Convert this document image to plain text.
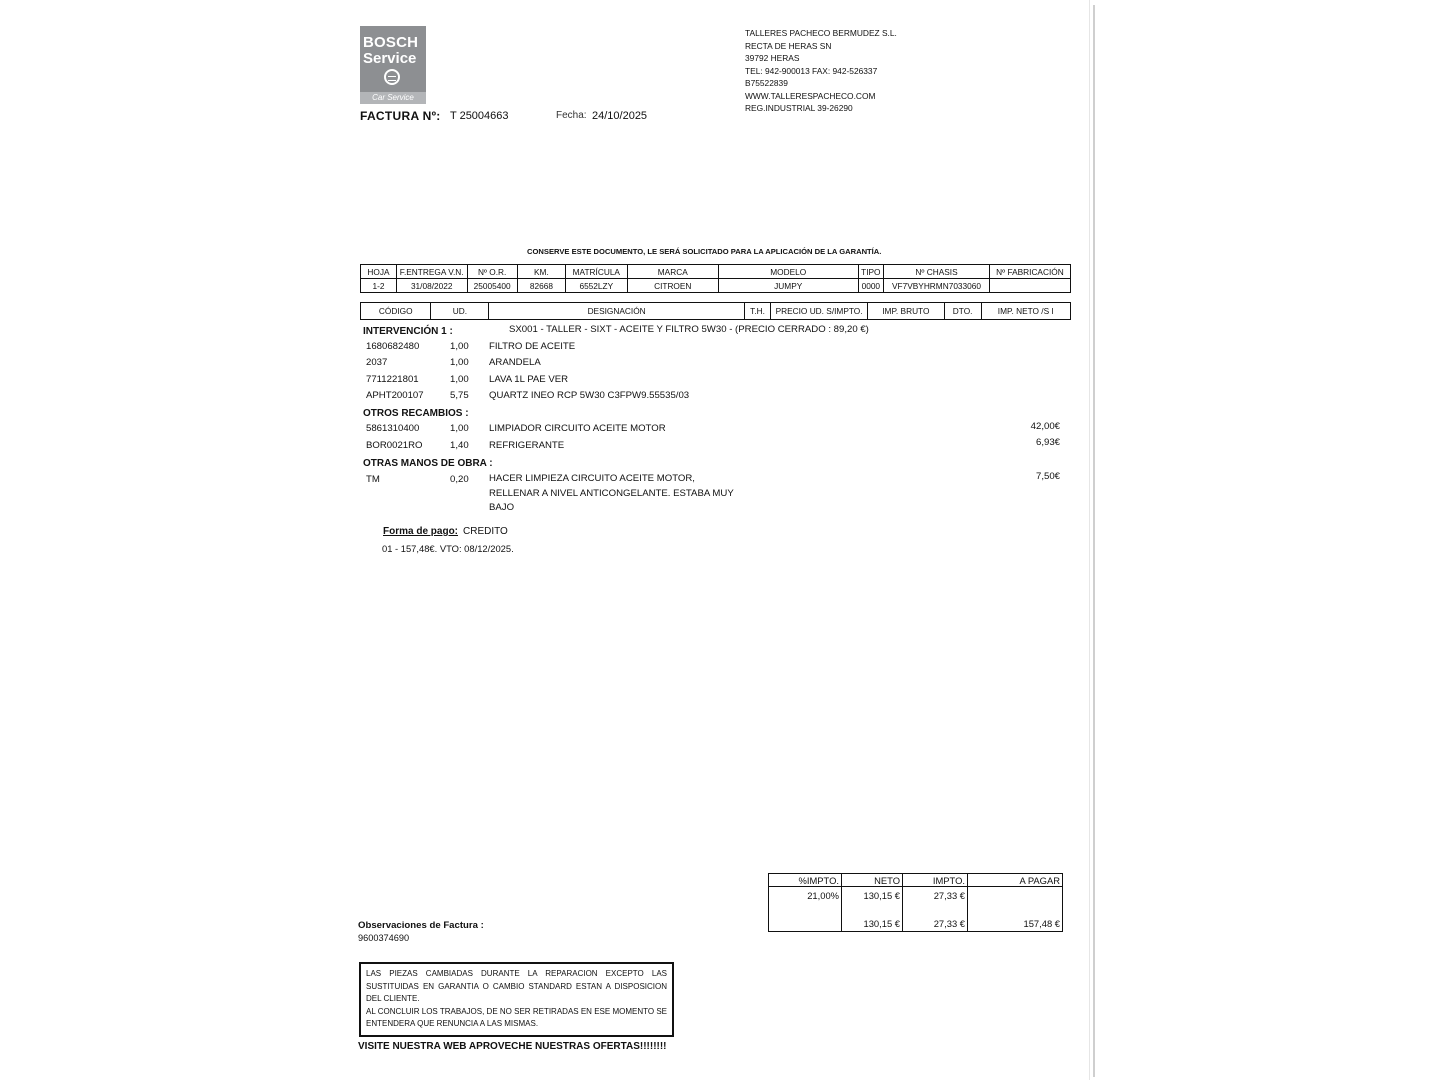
BOSCH
Service
Car Service
FACTURA Nº: T 25004663	Fecha: 24/10/2025
TALLERES PACHECO BERMUDEZ S.L.
RECTA DE HERAS SN
39792 HERAS
TEL: 942-900013 FAX: 942-526337
B75522839
WWW.TALLERESPACHECO.COM
REG.INDUSTRIAL 39-26290
CONSERVE ESTE DOCUMENTO, LE SERÁ SOLICITADO PARA LA APLICACIÓN DE LA GARANTÍA.
HOJA	F.ENTREGA V.N.	Nº O.R.	KM.	MATRÍCULA	MARCA	MODELO	TIPO	Nº CHASIS	Nº FABRICACIÓN
1-2	31/08/2022	25005400	82668	6552LZY	CITROEN	JUMPY	0000	VF7VBYHRMN7033060	
CÓDIGO	UD.	DESIGNACIÓN	T.H.	PRECIO UD. S/IMPTO.	IMP. BRUTO	DTO.	IMP. NETO /S I
INTERVENCIÓN 1 :	SX001 - TALLER - SIXT - ACEITE Y FILTRO 5W30 - (PRECIO CERRADO : 89,20 €)
1680682480	1,00 FILTRO DE ACEITE
2037	1,00 ARANDELA
7711221801	1,00 LAVA 1L PAE VER
APHT200107	5,75 QUARTZ INEO RCP 5W30 C3FPW9.55535/03
OTROS RECAMBIOS :
5861310400	1,00 LIMPIADOR CIRCUITO ACEITE MOTOR	42,00€
BOR0021RO	1,40 REFRIGERANTE	6,93€
OTRAS MANOS DE OBRA :
TM	0,20 HACER LIMPIEZA CIRCUITO ACEITE MOTOR,
RELLENAR A NIVEL ANTICONGELANTE. ESTABA MUY
BAJO
7,50€
Forma de pago: CREDITO
01 - 157,48€. VTO: 08/12/2025.
%IMPTO.	NETO	IMPTO.	A PAGAR
21,00%	130,15 €	27,33 €	
	130,15 €	27,33 €	157,48 €
Observaciones de Factura :
9600374690
LAS PIEZAS CAMBIADAS DURANTE LA REPARACION EXCEPTO LAS SUSTITUIDAS EN GARANTIA O CAMBIO STANDARD ESTAN A DISPOSICION DEL CLIENTE.
AL CONCLUIR LOS TRABAJOS, DE NO SER RETIRADAS EN ESE MOMENTO SE ENTENDERA QUE RENUNCIA A LAS MISMAS.
VISITE NUESTRA WEB APROVECHE NUESTRAS OFERTAS!!!!!!!!
